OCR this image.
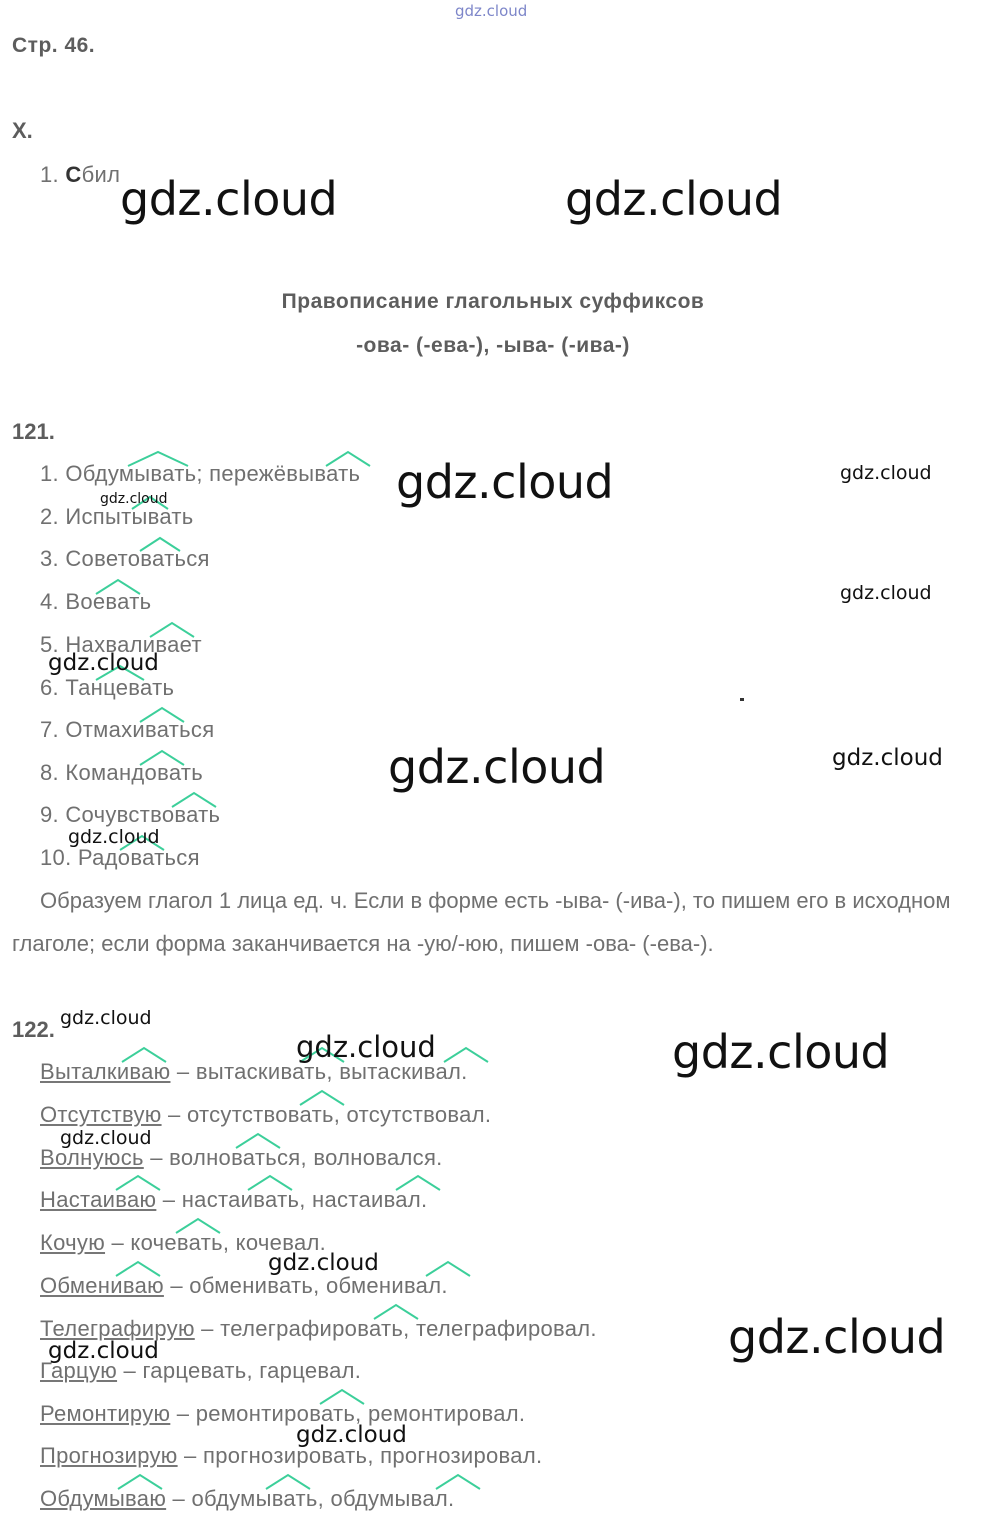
gdz.cloud
Стр. 46.
X.
1. Сбил
Правописание глагольных суффиксов
-ова- (-ева-), -ыва- (-ива-)
121.
1. Обдумывать; пережёвывать
2. Испытывать
3. Советоваться
4. Воевать
5. Нахваливает
6. Танцевать
7. Отмахиваться
8. Командовать
9. Сочувствовать
10. Радоваться
Образуем глагол 1 лица ед. ч. Если в форме есть -ыва- (-ива-), то пишем его в исходном глаголе; если форма заканчивается на -ую/-юю, пишем -ова- (-ева-).
122.
Выталкиваю – вытаскивать, вытаскивал.
Отсутствую – отсутствовать, отсутствовал.
Волнуюсь – волноваться, волновался.
Настаиваю – настаивать, настаивал.
Кочую – кочевать, кочевал.
Обмениваю – обменивать, обменивал.
Телеграфирую – телеграфировать, телеграфировал.
Гарцую – гарцевать, гарцевал.
Ремонтирую – ремонтировать, ремонтировал.
Прогнозирую – прогнозировать, прогнозировал.
Обдумываю – обдумывать, обдумывал.
gdz.cloud	gdz.cloud
gdz.cloud	gdz.cloud
gdz.cloud
gdz.cloud
gdz.cloud
gdz.cloud	gdz.cloud
gdz.cloud
gdz.cloud
gdz.cloud
gdz.cloud
gdz.cloud
gdz.cloud
gdz.cloud
gdz.cloud
gdz.cloud
